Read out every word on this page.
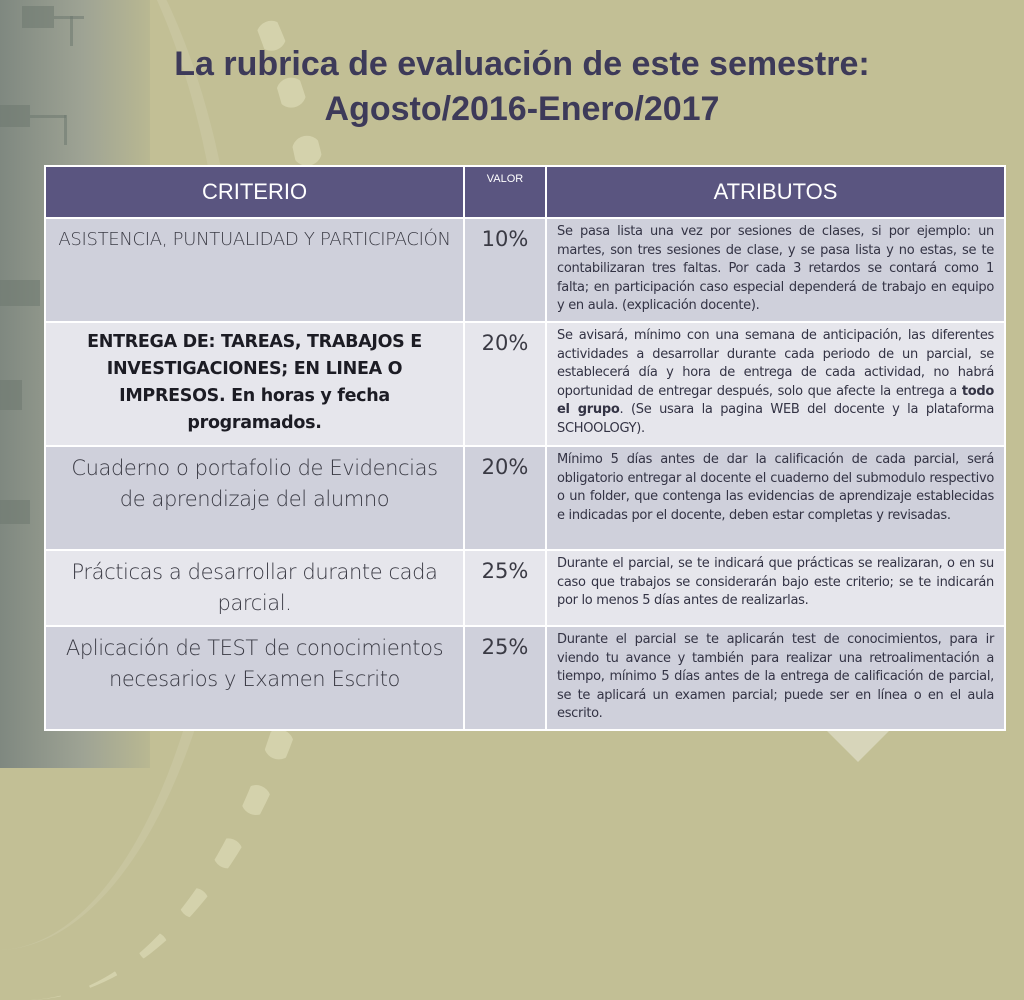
La rubrica de evaluación de este semestre:
Agosto/2016-Enero/2017
CRITERIO	VALOR	ATRIBUTOS
ASISTENCIA, PUNTUALIDAD Y PARTICIPACIÓN	10%	Se pasa lista una vez por sesiones de clases, si por ejemplo: un martes, son tres sesiones de clase, y se pasa lista y no estas, se te contabilizaran tres faltas. Por cada 3 retardos se contará como 1 falta; en participación caso especial dependerá de trabajo en equipo y en aula. (explicación docente).
ENTREGA DE: TAREAS, TRABAJOS E INVESTIGACIONES; EN LINEA O IMPRESOS. En horas y fecha programados.	20%	Se avisará, mínimo con una semana de anticipación, las diferentes actividades a desarrollar durante cada periodo de un parcial, se establecerá día y hora de entrega de cada actividad, no habrá oportunidad de entregar después, solo que afecte la entrega a todo el grupo. (Se usara la pagina WEB del docente y la plataforma SCHOOLOGY).
Cuaderno o portafolio de Evidencias de aprendizaje del alumno	20%	Mínimo 5 días antes de dar la calificación de cada parcial, será obligatorio entregar al docente el cuaderno del submodulo respectivo o un folder, que contenga las evidencias de aprendizaje establecidas e indicadas por el docente, deben estar completas y revisadas.
Prácticas a desarrollar durante cada parcial.	25%	Durante el parcial, se te indicará que prácticas se realizaran, o en su caso que trabajos se considerarán bajo este criterio; se te indicarán por lo menos 5 días antes de realizarlas.
Aplicación de TEST de conocimientos necesarios y Examen Escrito	25%	Durante el parcial se te aplicarán test de conocimientos, para ir viendo tu avance y también para realizar una retroalimentación a tiempo, mínimo 5 días antes de la entrega de calificación de parcial, se te aplicará un examen parcial; puede ser en línea o en el aula escrito.
